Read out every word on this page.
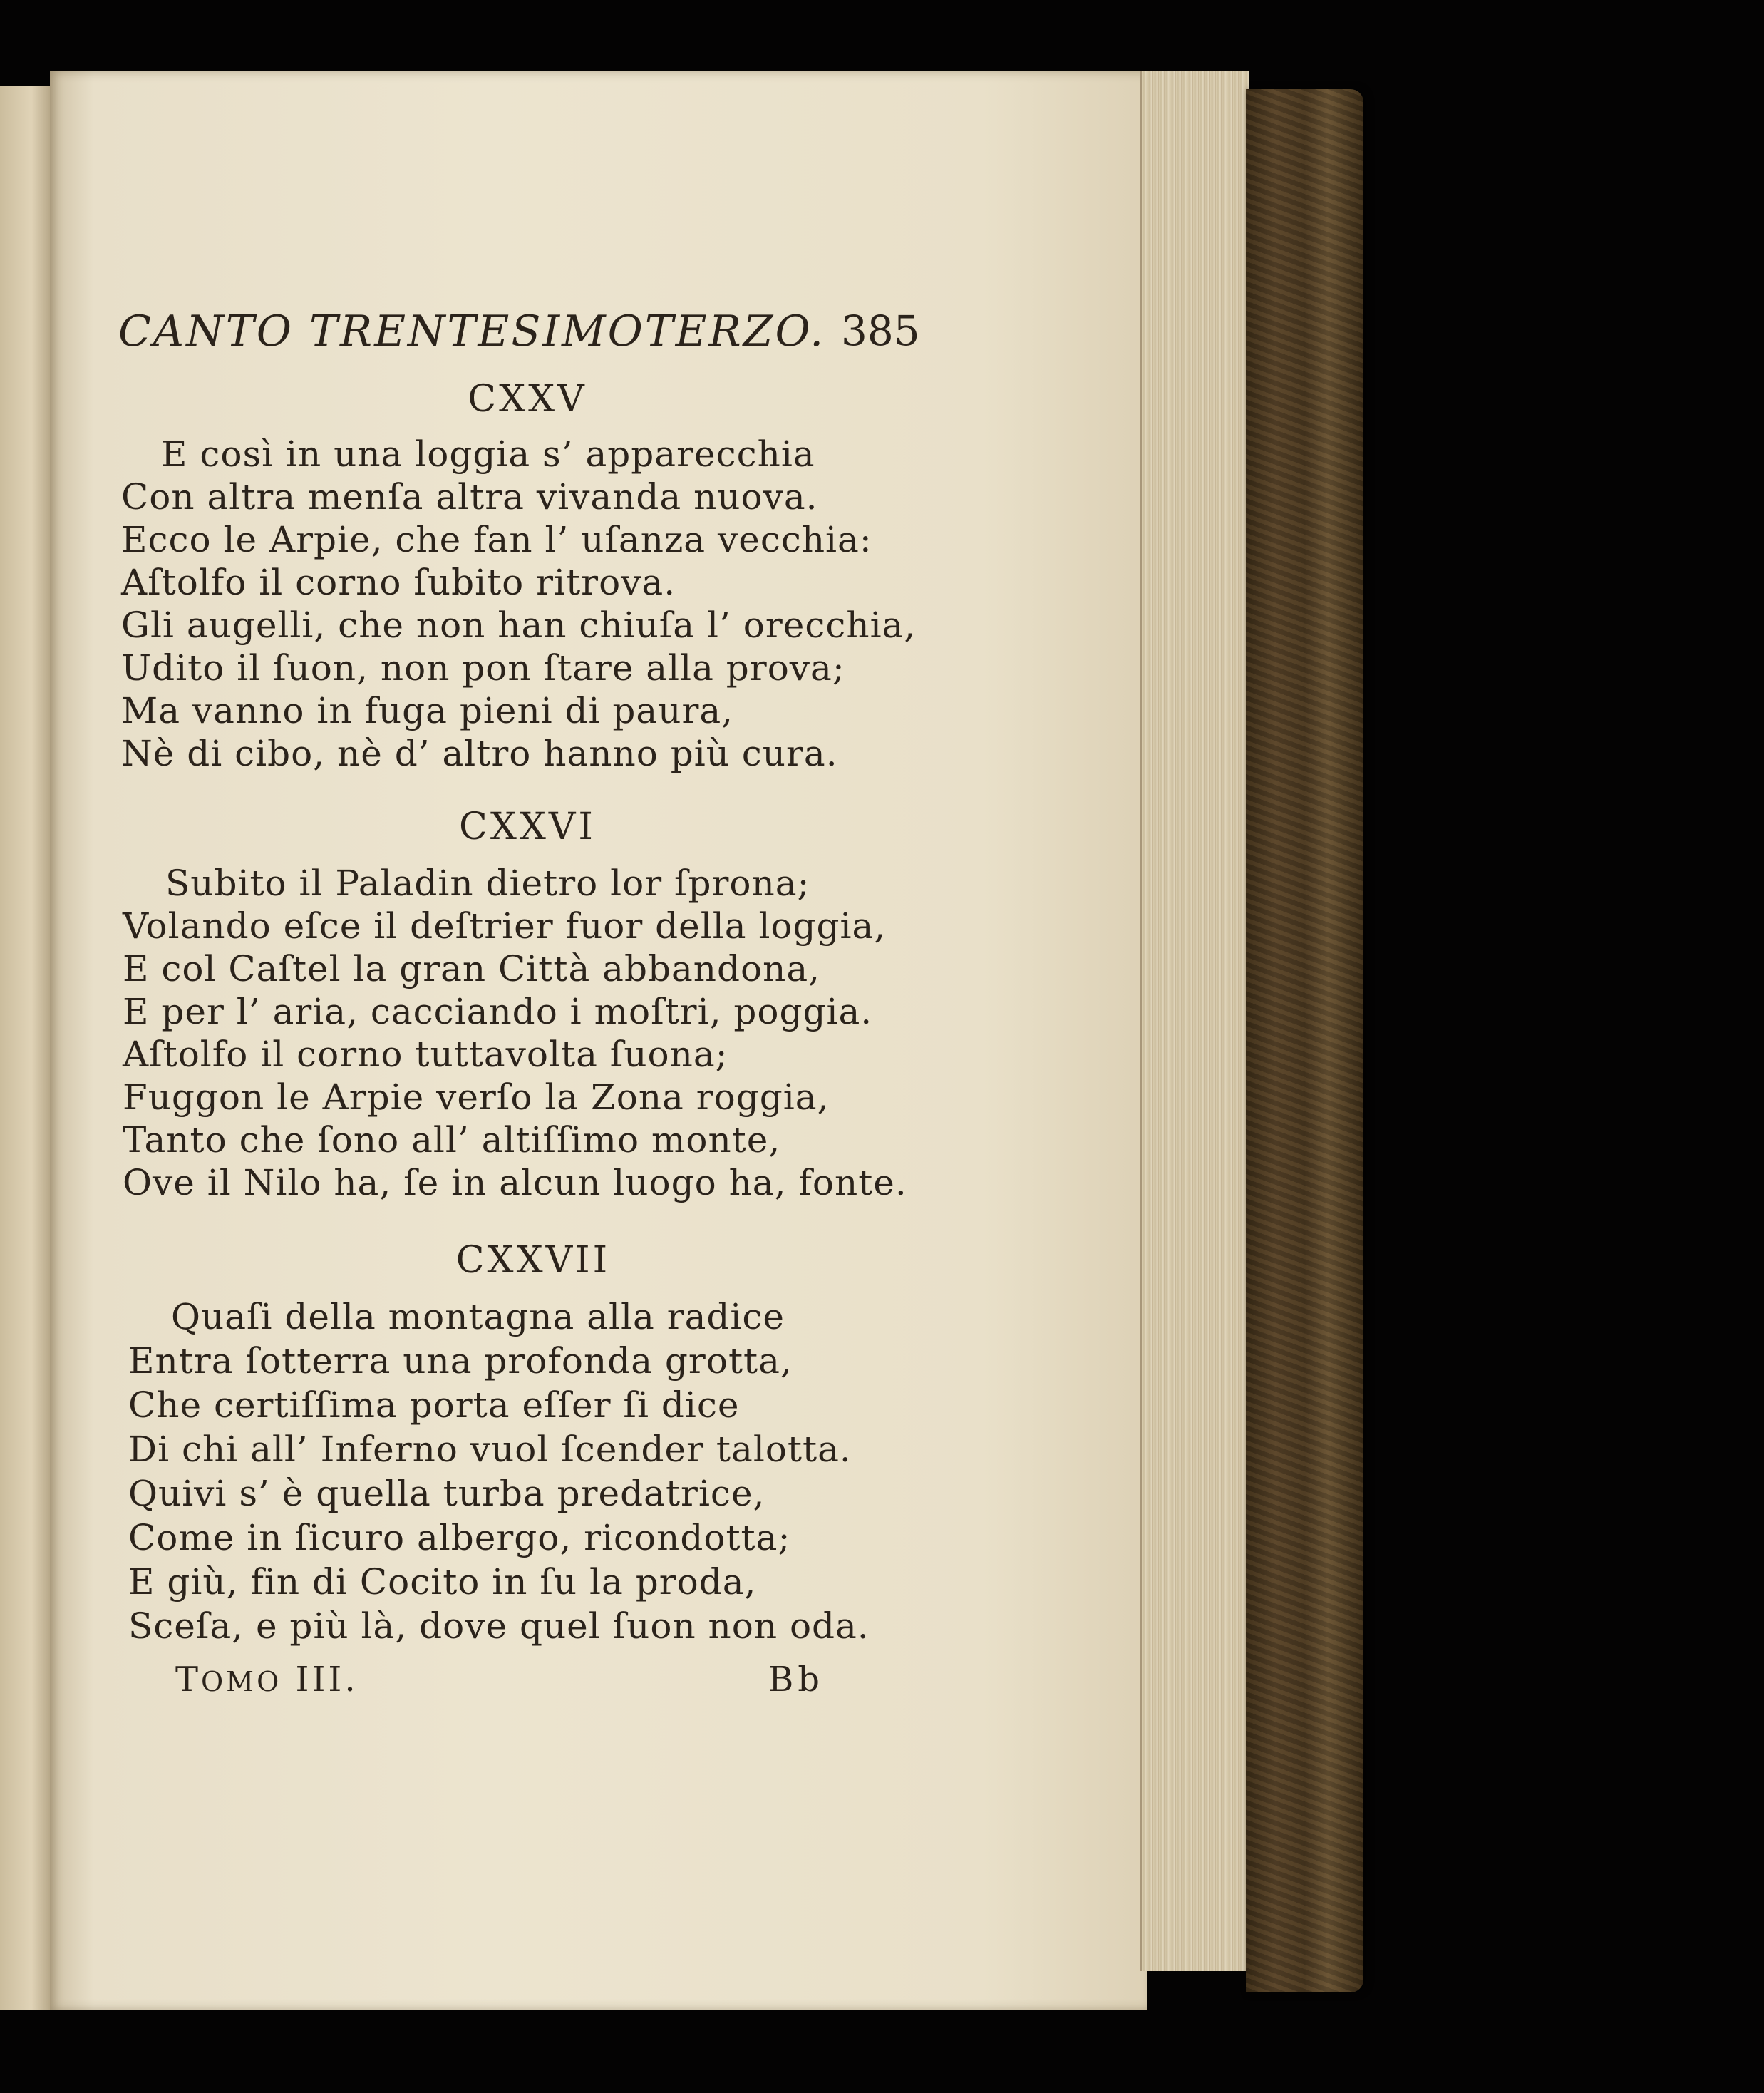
CANTO TRENTESIMOTERZO. 385
CXXV
E così in una loggia s’ apparecchia
Con altra menſa altra vivanda nuova.
Ecco le Arpie, che fan l’ uſanza vecchia:
Aſtolfo il corno ſubito ritrova.
Gli augelli, che non han chiuſa l’ orecchia,
Udito il ſuon, non pon ſtare alla prova;
Ma vanno in fuga pieni di paura,
Nè di cibo, nè d’ altro hanno più cura.
CXXVI
Subito il Paladin dietro lor ſprona;
Volando eſce il deſtrier fuor della loggia,
E col Caſtel la gran Città abbandona,
E per l’ aria, cacciando i moſtri, poggia.
Aſtolfo il corno tuttavolta ſuona;
Fuggon le Arpie verſo la Zona roggia,
Tanto che ſono all’ altiſſimo monte,
Ove il Nilo ha, ſe in alcun luogo ha, fonte.
CXXVII
Quaſi della montagna alla radice
Entra ſotterra una profonda grotta,
Che certiſſima porta eſſer ſi dice
Di chi all’ Inferno vuol ſcender talotta.
Quivi s’ è quella turba predatrice,
Come in ſicuro albergo, ricondotta;
E giù, fin di Cocito in ſu la proda,
Sceſa, e più là, dove quel ſuon non oda.
TOMO III.	Bb
